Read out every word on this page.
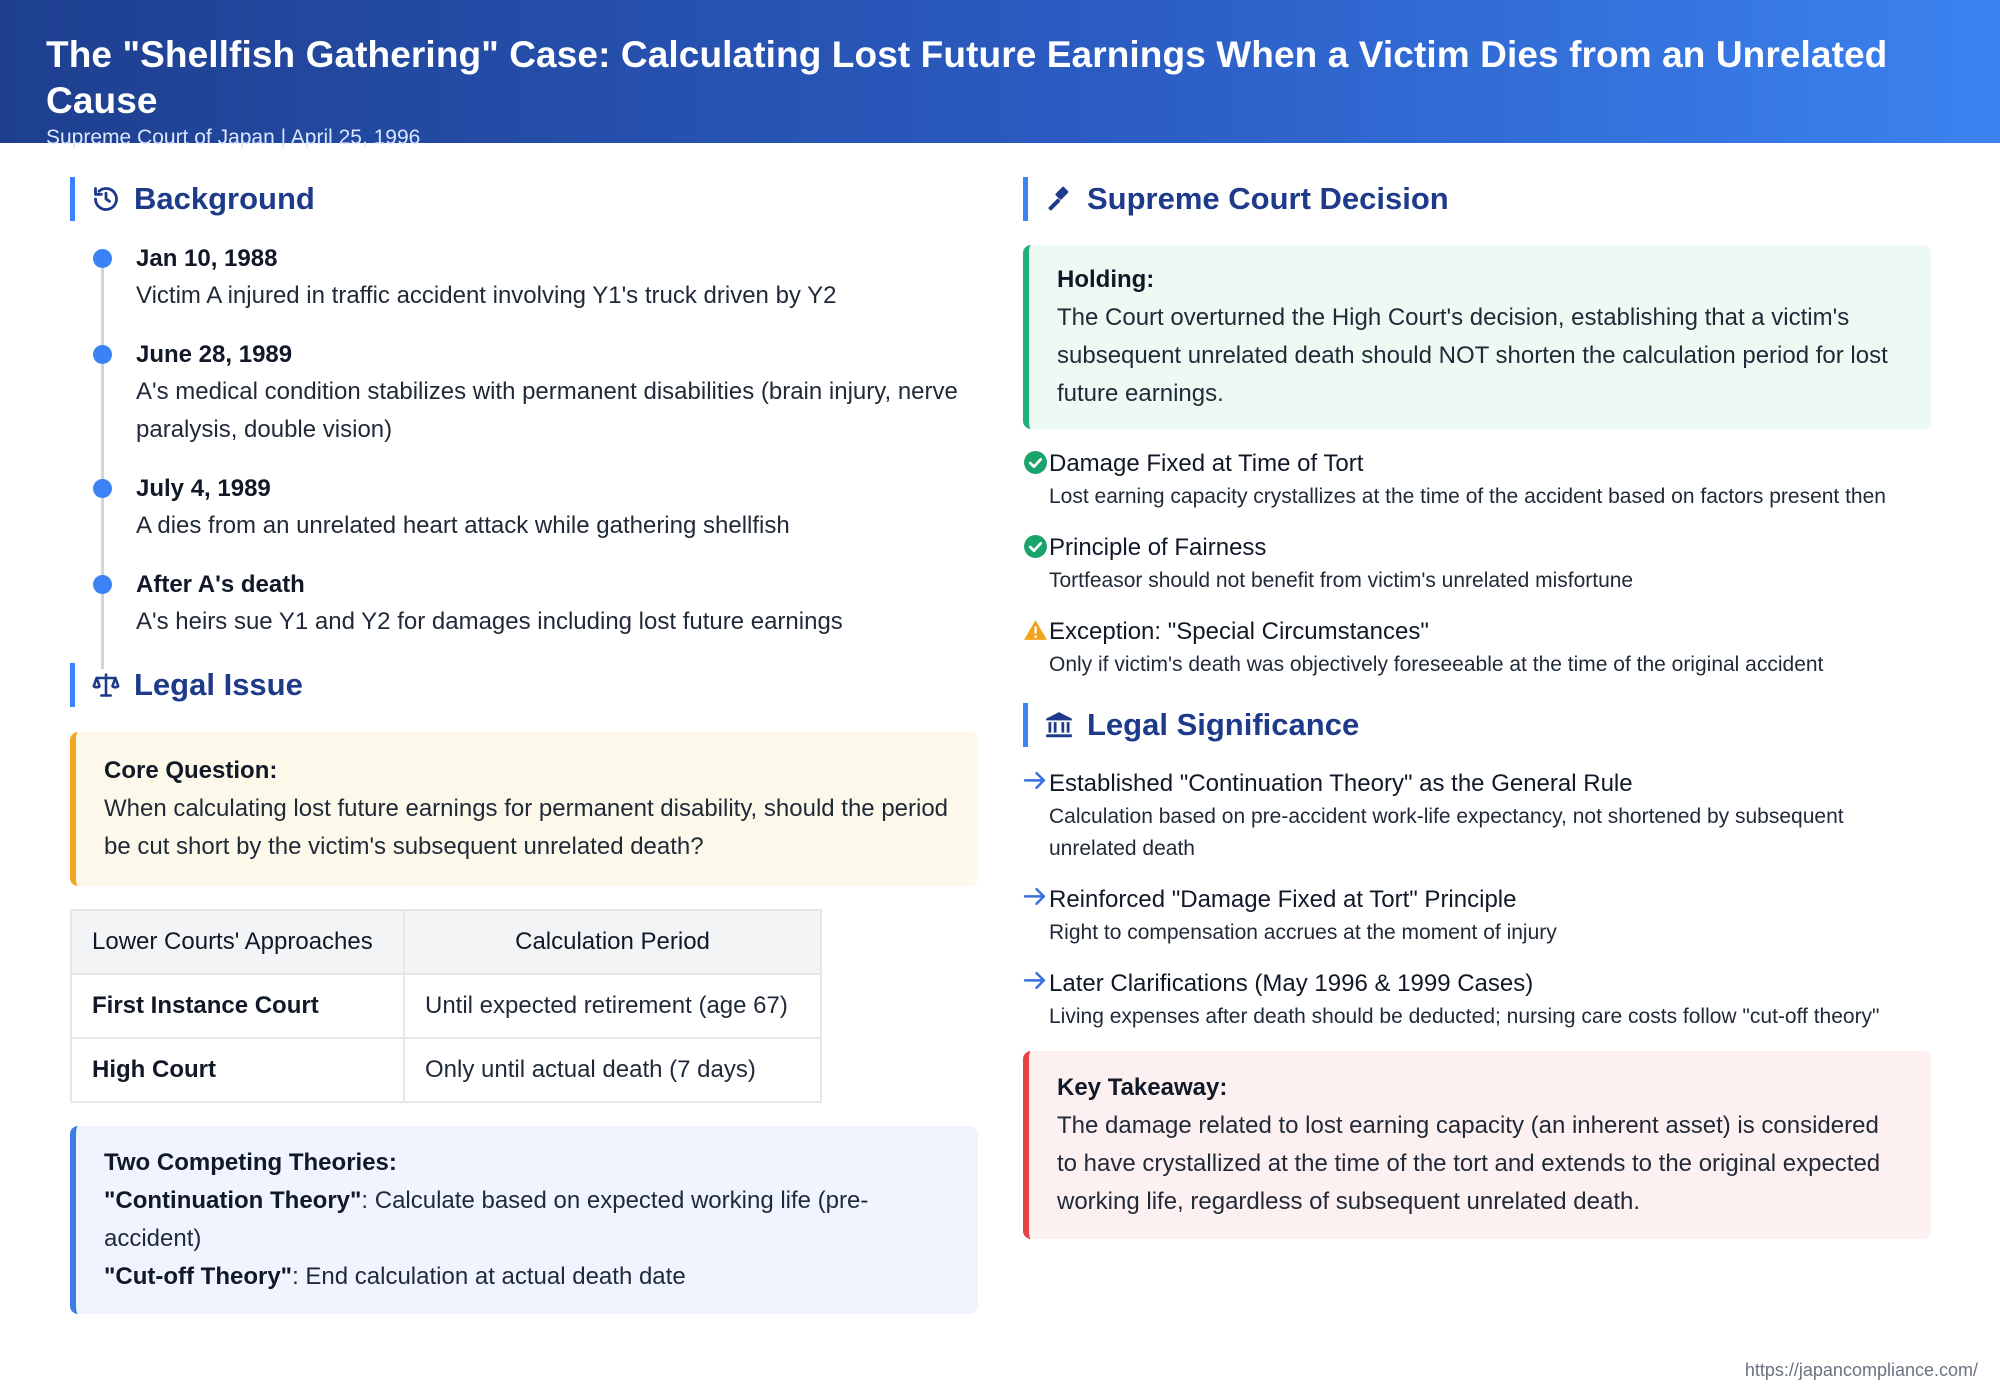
The "Shellfish Gathering" Case: Calculating Lost Future Earnings When a Victim Dies from an Unrelated Cause
Supreme Court of Japan | April 25, 1996
Background
Jan 10, 1988
Victim A injured in traffic accident involving Y1's truck driven by Y2
June 28, 1989
A's medical condition stabilizes with permanent disabilities (brain injury, nerve paralysis, double vision)
July 4, 1989
A dies from an unrelated heart attack while gathering shellfish
After A's death
A's heirs sue Y1 and Y2 for damages including lost future earnings
Legal Issue
Core Question:
When calculating lost future earnings for permanent disability, should the period be cut short by the victim's subsequent unrelated death?
Lower Courts' Approaches	Calculation Period
First Instance Court	Until expected retirement (age 67)
High Court	Only until actual death (7 days)
Two Competing Theories:
"Continuation Theory": Calculate based on expected working life (pre-accident)
"Cut-off Theory": End calculation at actual death date
Supreme Court Decision
Holding:
The Court overturned the High Court's decision, establishing that a victim's subsequent unrelated death should NOT shorten the calculation period for lost future earnings.
Damage Fixed at Time of Tort
Lost earning capacity crystallizes at the time of the accident based on factors present then
Principle of Fairness
Tortfeasor should not benefit from victim's unrelated misfortune
Exception: "Special Circumstances"
Only if victim's death was objectively foreseeable at the time of the original accident
Legal Significance
Established "Continuation Theory" as the General Rule
Calculation based on pre-accident work-life expectancy, not shortened by subsequent unrelated death
Reinforced "Damage Fixed at Tort" Principle
Right to compensation accrues at the moment of injury
Later Clarifications (May 1996 & 1999 Cases)
Living expenses after death should be deducted; nursing care costs follow "cut-off theory"
Key Takeaway:
The damage related to lost earning capacity (an inherent asset) is considered to have crystallized at the time of the tort and extends to the original expected working life, regardless of subsequent unrelated death.
https://japancompliance.com/
